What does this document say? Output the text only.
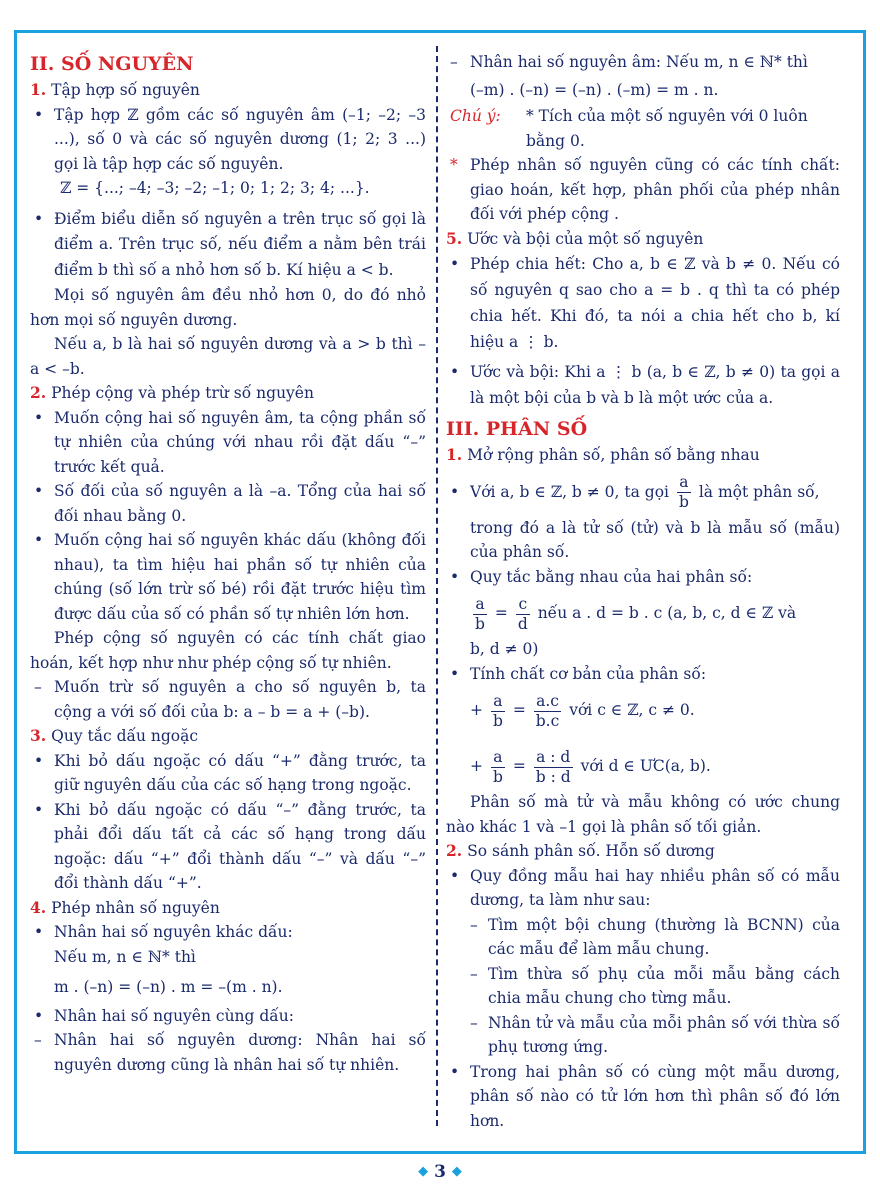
II. SỐ NGUYÊN
1. Tập hợp số nguyên
• Tập hợp ℤ gồm các số nguyên âm (–1; –2; –3 ...), số 0 và các số nguyên dương (1; 2; 3 ...) gọi là tập hợp các số nguyên.
ℤ = {...; –4; –3; –2; –1; 0; 1; 2; 3; 4; ...}.
• Điểm biểu diễn số nguyên a trên trục số gọi là điểm a. Trên trục số, nếu điểm a nằm bên trái điểm b thì số a nhỏ hơn số b. Kí hiệu a < b.
Mọi số nguyên âm đều nhỏ hơn 0, do đó nhỏ hơn mọi số nguyên dương.
Nếu a, b là hai số nguyên dương và a > b thì –a < –b.
2. Phép cộng và phép trừ số nguyên
• Muốn cộng hai số nguyên âm, ta cộng phần số tự nhiên của chúng với nhau rồi đặt dấu “–” trước kết quả.
• Số đối của số nguyên a là –a. Tổng của hai số đối nhau bằng 0.
• Muốn cộng hai số nguyên khác dấu (không đối nhau), ta tìm hiệu hai phần số tự nhiên của chúng (số lớn trừ số bé) rồi đặt trước hiệu tìm được dấu của số có phần số tự nhiên lớn hơn.
Phép cộng số nguyên có các tính chất giao hoán, kết hợp như như phép cộng số tự nhiên.
– Muốn trừ số nguyên a cho số nguyên b, ta cộng a với số đối của b: a – b = a + (–b).
3. Quy tắc dấu ngoặc
• Khi bỏ dấu ngoặc có dấu “+” đằng trước, ta giữ nguyên dấu của các số hạng trong ngoặc.
• Khi bỏ dấu ngoặc có dấu “–” đằng trước, ta phải đổi dấu tất cả các số hạng trong dấu ngoặc: dấu “+” đổi thành dấu “–” và dấu “–” đổi thành dấu “+”.
4. Phép nhân số nguyên
• Nhân hai số nguyên khác dấu:
Nếu m, n ∈ ℕ* thì
m . (–n) = (–n) . m = –(m . n).
• Nhân hai số nguyên cùng dấu:
– Nhân hai số nguyên dương: Nhân hai số nguyên dương cũng là nhân hai số tự nhiên.
– Nhân hai số nguyên âm: Nếu m, n ∈ ℕ* thì
(–m) . (–n) = (–n) . (–m) = m . n.
Chú ý: * Tích của một số nguyên với 0 luôn bằng 0.
* Phép nhân số nguyên cũng có các tính chất: giao hoán, kết hợp, phân phối của phép nhân đối với phép cộng .
5. Ước và bội của một số nguyên
• Phép chia hết: Cho a, b ∈ ℤ và b ≠ 0. Nếu có số nguyên q sao cho a = b . q thì ta có phép chia hết. Khi đó, ta nói a chia hết cho b, kí hiệu a ⋮ b.
• Ước và bội: Khi a ⋮ b (a, b ∈ ℤ, b ≠ 0) ta gọi a là một bội của b và b là một ước của a.
III. PHÂN SỐ
1. Mở rộng phân số, phân số bằng nhau
• Với a, b ∈ ℤ, b ≠ 0, ta gọi $\frac{a}{b}$ là một phân số,
trong đó a là tử số (tử) và b là mẫu số (mẫu) của phân số.
• Quy tắc bằng nhau của hai phân số:
$\frac{a}{b} = \frac{c}{d}$ nếu a . d = b . c (a, b, c, d ∈ ℤ và
b, d ≠ 0)
• Tính chất cơ bản của phân số:
+ $\frac{a}{b} = \frac{a.c}{b.c}$ với c ∈ ℤ, c ≠ 0.
+ $\frac{a}{b} = \frac{a : d}{b : d}$ với d ∈ ƯC(a, b).
Phân số mà tử và mẫu không có ước chung nào khác 1 và –1 gọi là phân số tối giản.
2. So sánh phân số. Hỗn số dương
• Quy đồng mẫu hai hay nhiều phân số có mẫu dương, ta làm như sau:
– Tìm một bội chung (thường là BCNN) của các mẫu để làm mẫu chung.
– Tìm thừa số phụ của mỗi mẫu bằng cách chia mẫu chung cho từng mẫu.
– Nhân tử và mẫu của mỗi phân số với thừa số phụ tương ứng.
• Trong hai phân số có cùng một mẫu dương, phân số nào có tử lớn hơn thì phân số đó lớn hơn.
◆ 3 ◆
